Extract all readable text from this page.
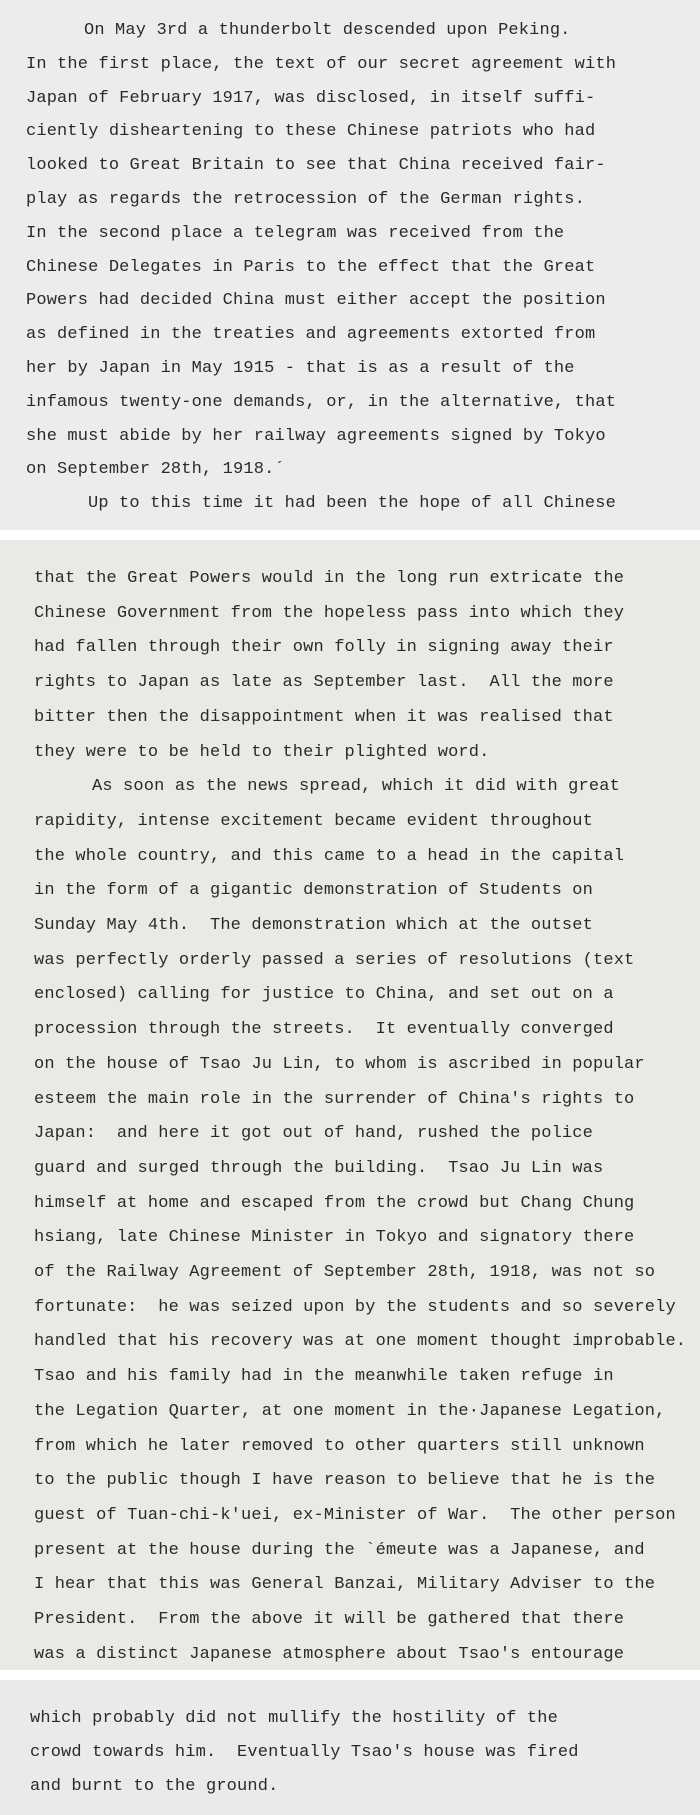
On May 3rd a thunderbolt descended upon Peking.
In the first place, the text of our secret agreement with
Japan of February 1917, was disclosed, in itself suffi-
ciently disheartening to these Chinese patriots who had
looked to Great Britain to see that China received fair-
play as regards the retrocession of the German rights.
In the second place a telegram was received from the
Chinese Delegates in Paris to the effect that the Great
Powers had decided China must either accept the position
as defined in the treaties and agreements extorted from
her by Japan in May 1915 - that is as a result of the
infamous twenty-one demands, or, in the alternative, that
she must abide by her railway agreements signed by Tokyo
on September 28th, 1918.´
Up to this time it had been the hope of all Chinese
that the Great Powers would in the long run extricate the
Chinese Government from the hopeless pass into which they
had fallen through their own folly in signing away their
rights to Japan as late as September last.  All the more
bitter then the disappointment when it was realised that
they were to be held to their plighted word.
As soon as the news spread, which it did with great
rapidity, intense excitement became evident throughout
the whole country, and this came to a head in the capital
in the form of a gigantic demonstration of Students on
Sunday May 4th.  The demonstration which at the outset
was perfectly orderly passed a series of resolutions (text
enclosed) calling for justice to China, and set out on a
procession through the streets.  It eventually converged
on the house of Tsao Ju Lin, to whom is ascribed in popular
esteem the main role in the surrender of China's rights to
Japan:  and here it got out of hand, rushed the police
guard and surged through the building.  Tsao Ju Lin was
himself at home and escaped from the crowd but Chang Chung
hsiang, late Chinese Minister in Tokyo and signatory there
of the Railway Agreement of September 28th, 1918, was not so
fortunate:  he was seized upon by the students and so severely
handled that his recovery was at one moment thought improbable.
Tsao and his family had in the meanwhile taken refuge in
the Legation Quarter, at one moment in the·Japanese Legation,
from which he later removed to other quarters still unknown
to the public though I have reason to believe that he is the
guest of Tuan-chi-k'uei, ex-Minister of War.  The other person
present at the house during the `émeute was a Japanese, and
I hear that this was General Banzai, Military Adviser to the
President.  From the above it will be gathered that there
was a distinct Japanese atmosphere about Tsao's entourage
which probably did not mullify the hostility of the
crowd towards him.  Eventually Tsao's house was fired
and burnt to the ground.
